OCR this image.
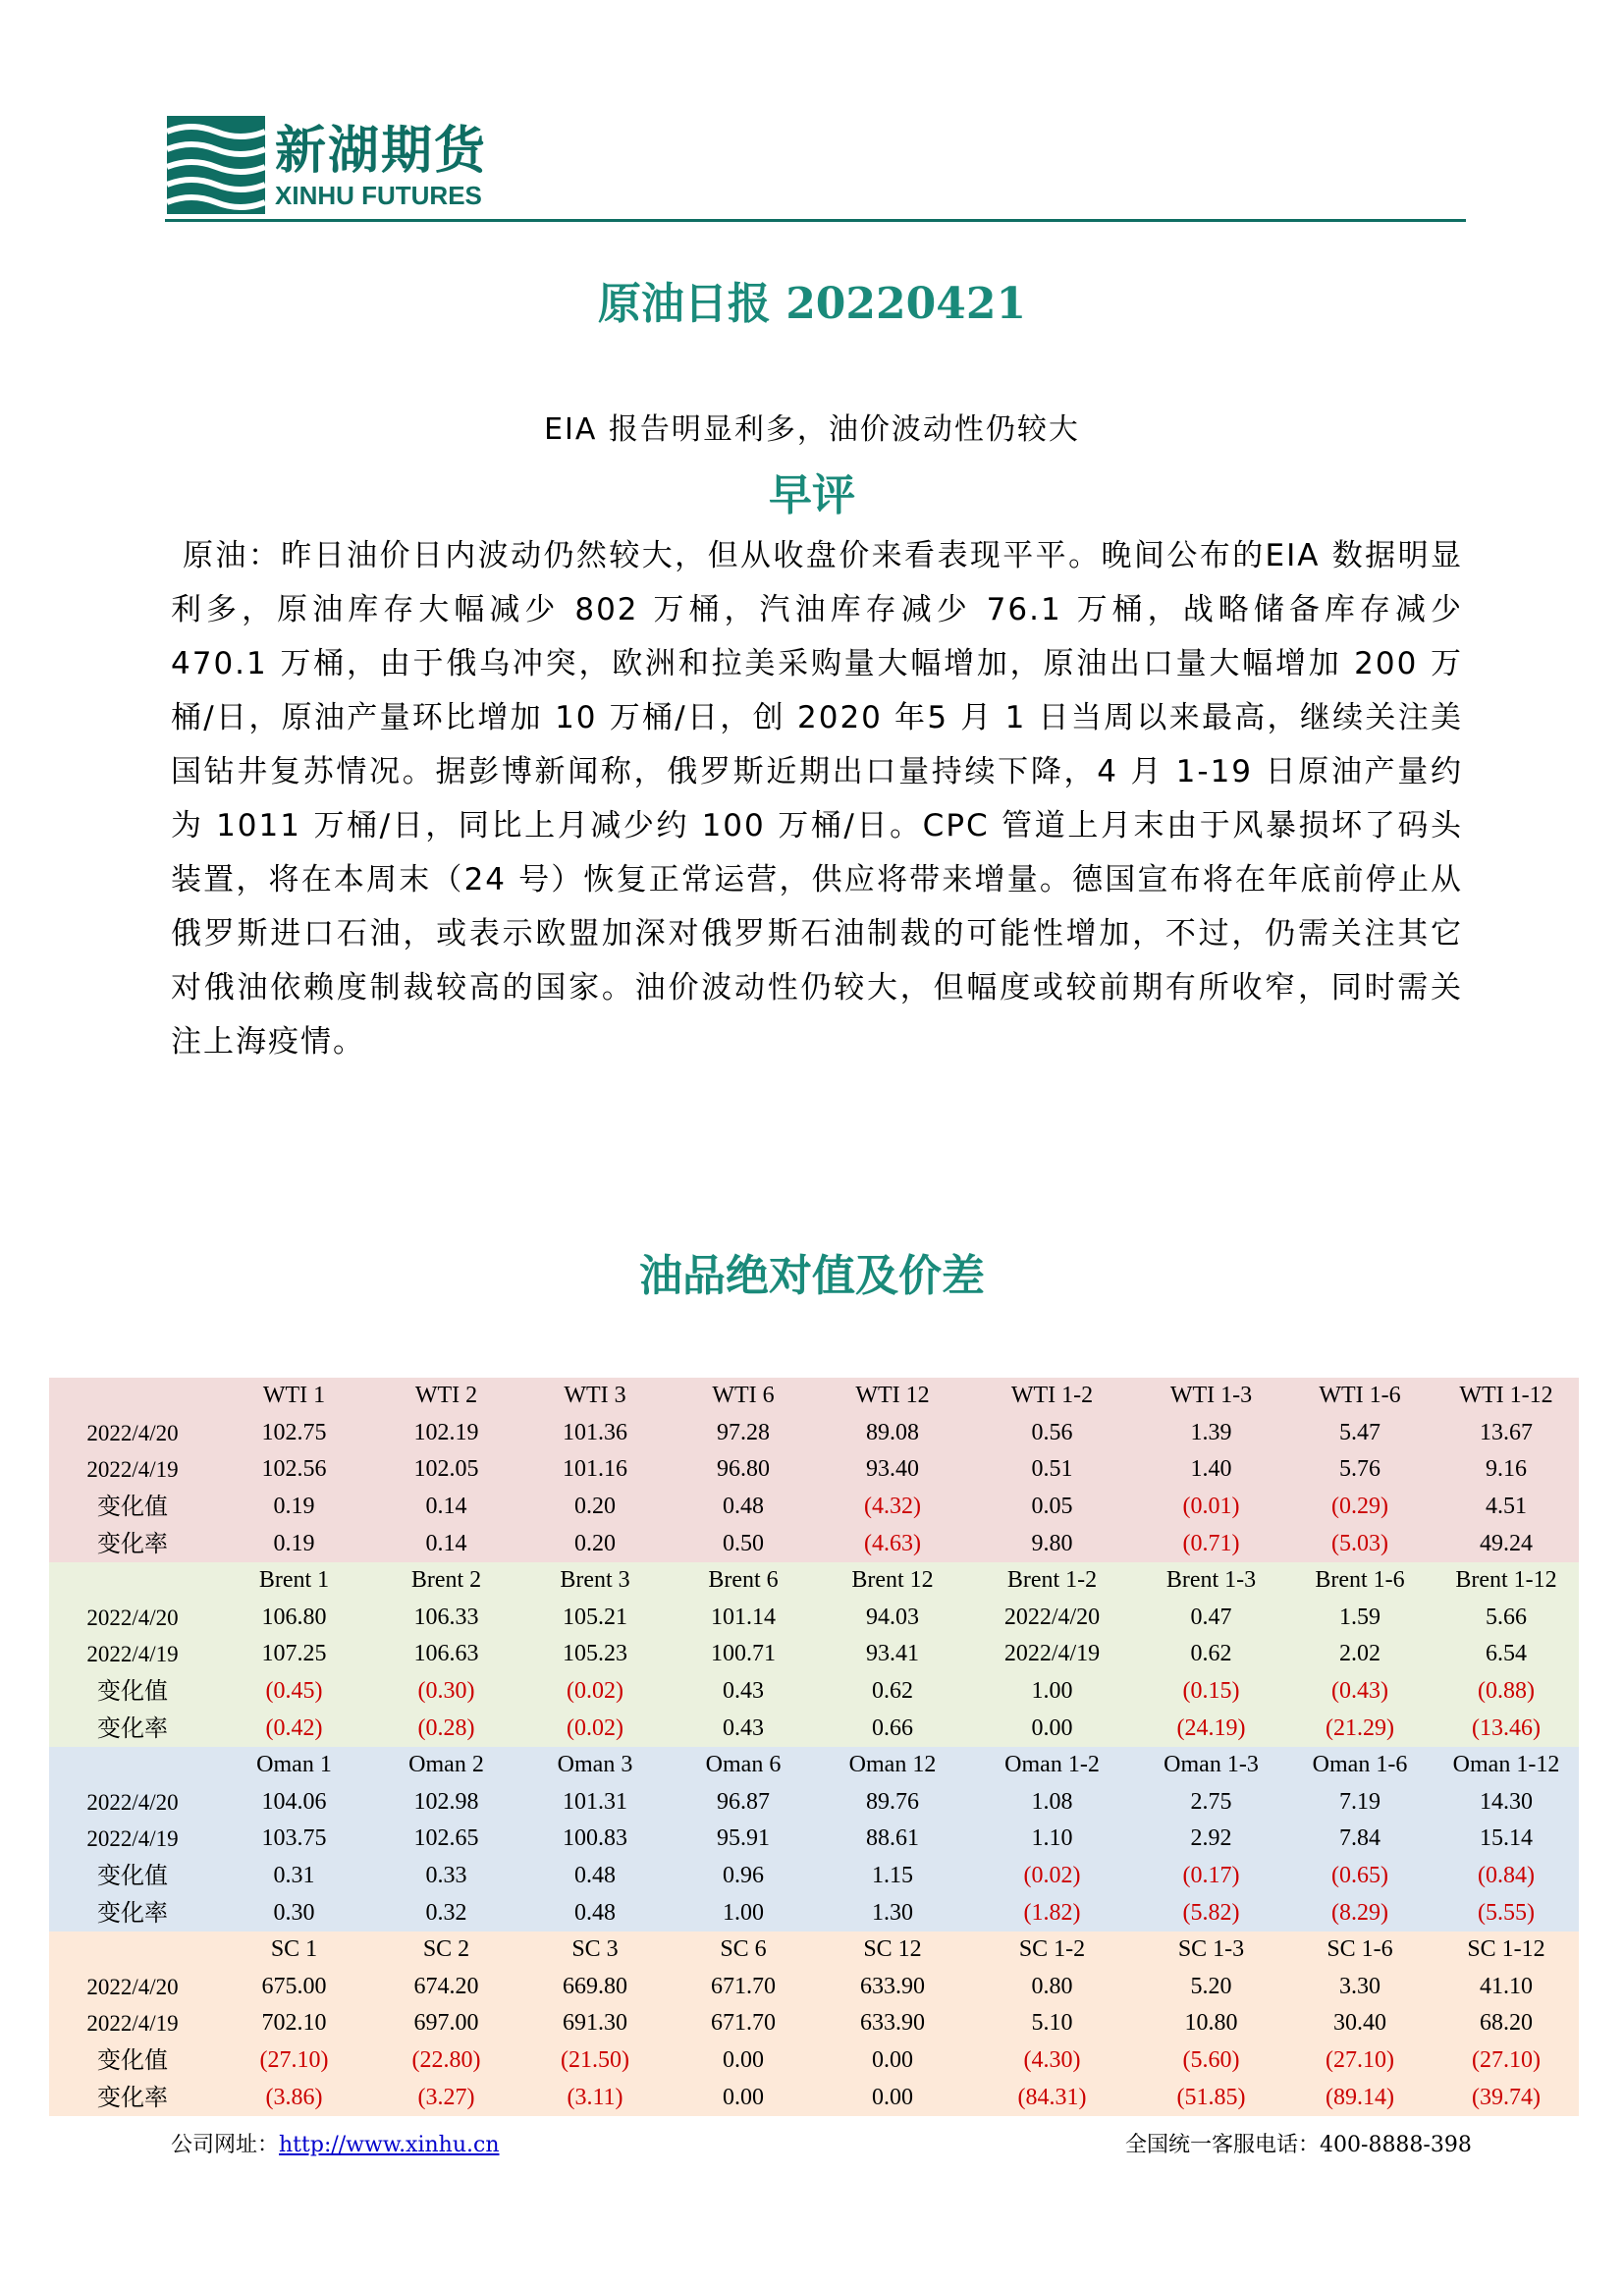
新湖期货
XINHU FUTURES
原油日报 20220421
EIA 报告明显利多，油价波动性仍较大
早评

原油：昨日油价日内波动仍然较大，但从收盘价来看表现平平。晚间公布的EIA 数据明显利多，原油库存大幅减少 802 万桶，汽油库存减少 76.1 万桶，战略储备库存减少 470.1 万桶，由于俄乌冲突，欧洲和拉美采购量大幅增加，原油出口量大幅增加 200 万桶/日，原油产量环比增加 10 万桶/日，创 2020 年5 月 1 日当周以来最高，继续关注美国钻井复苏情况。据彭博新闻称，俄罗斯近期出口量持续下降，4 月 1-19 日原油产量约为 1011 万桶/日，同比上月减少约 100 万桶/日。CPC 管道上月末由于风暴损坏了码头装置，将在本周末（24 号）恢复正常运营，供应将带来增量。德国宣布将在年底前停止从俄罗斯进口石油，或表示欧盟加深对俄罗斯石油制裁的可能性增加，不过，仍需关注其它对俄油依赖度制裁较高的国家。油价波动性仍较大，但幅度或较前期有所收窄，同时需关注上海疫情。

油品绝对值及价差
	WTI 1	WTI 2	WTI 3	WTI 6	WTI 12	WTI 1-2	WTI 1-3	WTI 1-6	WTI 1-12
2022/4/20	102.75	102.19	101.36	97.28	89.08	0.56	1.39	5.47	13.67
2022/4/19	102.56	102.05	101.16	96.80	93.40	0.51	1.40	5.76	9.16
变化值	0.19	0.14	0.20	0.48	(4.32)	0.05	(0.01)	(0.29)	4.51
变化率	0.19	0.14	0.20	0.50	(4.63)	9.80	(0.71)	(5.03)	49.24
	Brent 1	Brent 2	Brent 3	Brent 6	Brent 12	Brent 1-2	Brent 1-3	Brent 1-6	Brent 1-12
2022/4/20	106.80	106.33	105.21	101.14	94.03	2022/4/20	0.47	1.59	5.66
2022/4/19	107.25	106.63	105.23	100.71	93.41	2022/4/19	0.62	2.02	6.54
变化值	(0.45)	(0.30)	(0.02)	0.43	0.62	1.00	(0.15)	(0.43)	(0.88)
变化率	(0.42)	(0.28)	(0.02)	0.43	0.66	0.00	(24.19)	(21.29)	(13.46)
	Oman 1	Oman 2	Oman 3	Oman 6	Oman 12	Oman 1-2	Oman 1-3	Oman 1-6	Oman 1-12
2022/4/20	104.06	102.98	101.31	96.87	89.76	1.08	2.75	7.19	14.30
2022/4/19	103.75	102.65	100.83	95.91	88.61	1.10	2.92	7.84	15.14
变化值	0.31	0.33	0.48	0.96	1.15	(0.02)	(0.17)	(0.65)	(0.84)
变化率	0.30	0.32	0.48	1.00	1.30	(1.82)	(5.82)	(8.29)	(5.55)
	SC 1	SC 2	SC 3	SC 6	SC 12	SC 1-2	SC 1-3	SC 1-6	SC 1-12
2022/4/20	675.00	674.20	669.80	671.70	633.90	0.80	5.20	3.30	41.10
2022/4/19	702.10	697.00	691.30	671.70	633.90	5.10	10.80	30.40	68.20
变化值	(27.10)	(22.80)	(21.50)	0.00	0.00	(4.30)	(5.60)	(27.10)	(27.10)
变化率	(3.86)	(3.27)	(3.11)	0.00	0.00	(84.31)	(51.85)	(89.14)	(39.74)
公司网址：http://www.xinhu.cn	全国统一客服电话：400-8888-398
